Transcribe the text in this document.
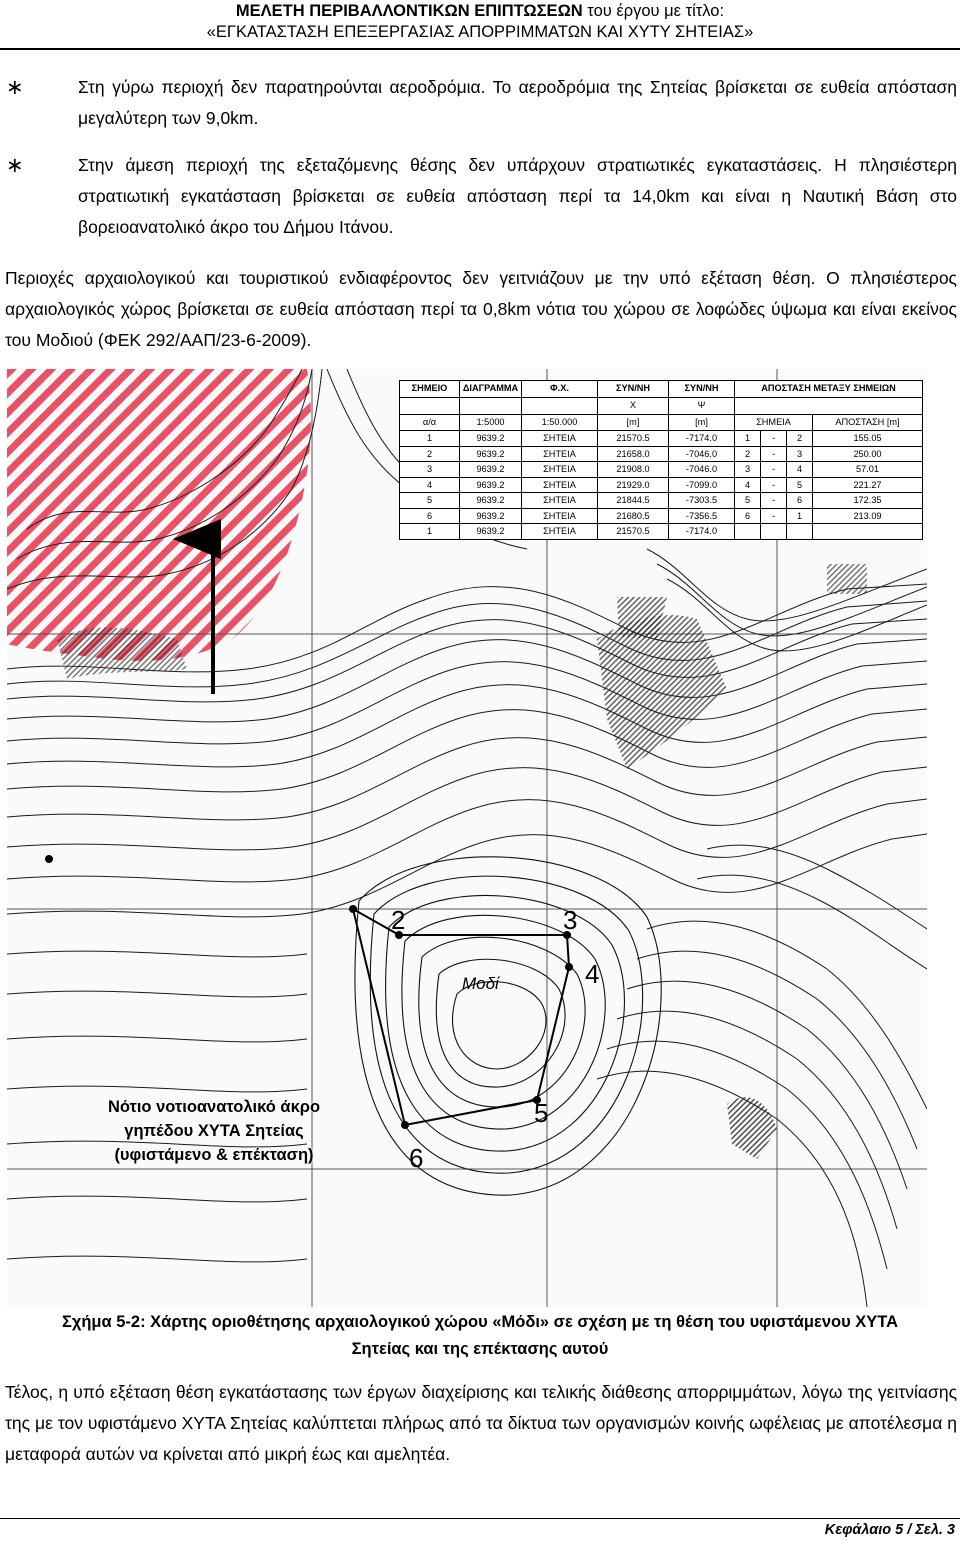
ΜΕΛΕΤΗ ΠΕΡΙΒΑΛΛΟΝΤΙΚΩΝ ΕΠΙΠΤΩΣΕΩΝ του έργου με τίτλο:
«ΕΓΚΑΤΑΣΤΑΣΗ ΕΠΕΞΕΡΓΑΣΙΑΣ ΑΠΟΡΡΙΜΜΑΤΩΝ ΚΑΙ ΧΥΤΥ ΣΗΤΕΙΑΣ»
∗	Στη γύρω περιοχή δεν παρατηρούνται αεροδρόμια. Το αεροδρόμια της Σητείας βρίσκεται σε ευθεία απόσταση μεγαλύτερη των 9,0km.
∗	Στην άμεση περιοχή της εξεταζόμενης θέσης δεν υπάρχουν στρατιωτικές εγκαταστάσεις. Η πλησιέστερη στρατιωτική εγκατάσταση βρίσκεται σε ευθεία απόσταση περί τα 14,0km και είναι η Ναυτική Βάση στο βορειοανατολικό άκρο του Δήμου Ιτάνου.
Περιοχές αρχαιολογικού και τουριστικού ενδιαφέροντος δεν γειτνιάζουν με την υπό εξέταση θέση. Ο πλησιέστερος αρχαιολογικός χώρος βρίσκεται σε ευθεία απόσταση περί τα 0,8km νότια του χώρου σε λοφώδες ύψωμα και είναι εκείνος του Μοδιού (ΦΕΚ 292/ΑΑΠ/23-6-2009).
2	3
4
5
6
Μοδί
ΣΗΜΕΙΟ	ΔΙΑΓΡΑΜΜΑ	Φ.Χ.	ΣΥΝ/ΝΗ	ΣΥΝ/ΝΗ	ΑΠΟΣΤΑΣΗ ΜΕΤΑΞΥ ΣΗΜΕΙΩΝ			
			X	Ψ				
α/α	1:5000	1:50.000	[m]	[m]	ΣΗΜΕΙΑ			ΑΠΟΣΤΑΣΗ [m]
1	9639.2	ΣΗΤΕΙΑ	21570.5	-7174.0	1	-	2	155.05
2	9639.2	ΣΗΤΕΙΑ	21658.0	-7046.0	2	-	3	250.00
3	9639.2	ΣΗΤΕΙΑ	21908.0	-7046.0	3	-	4	57.01
4	9639.2	ΣΗΤΕΙΑ	21929.0	-7099.0	4	-	5	221.27
5	9639.2	ΣΗΤΕΙΑ	21844.5	-7303.5	5	-	6	172.35
6	9639.2	ΣΗΤΕΙΑ	21680.5	-7356.5	6	-	1	213.09
1	9639.2	ΣΗΤΕΙΑ	21570.5	-7174.0				
Νότιο νοτιοανατολικό άκρο
γηπέδου ΧΥΤΑ Σητείας
(υφιστάμενο & επέκταση)
Σχήμα 5-2: Χάρτης οριοθέτησης αρχαιολογικού χώρου «Μόδι» σε σχέση με τη θέση του υφιστάμενου ΧΥΤΑ
Σητείας και της επέκτασης αυτού
Τέλος, η υπό εξέταση θέση εγκατάστασης των έργων διαχείρισης και τελικής διάθεσης απορριμμάτων, λόγω της γειτνίασης της με τον υφιστάμενο ΧΥΤΑ Σητείας καλύπτεται πλήρως από τα δίκτυα των οργανισμών κοινής ωφέλειας με αποτέλεσμα η μεταφορά αυτών να κρίνεται από μικρή έως και αμελητέα.
Κεφάλαιο 5 / Σελ. 3
